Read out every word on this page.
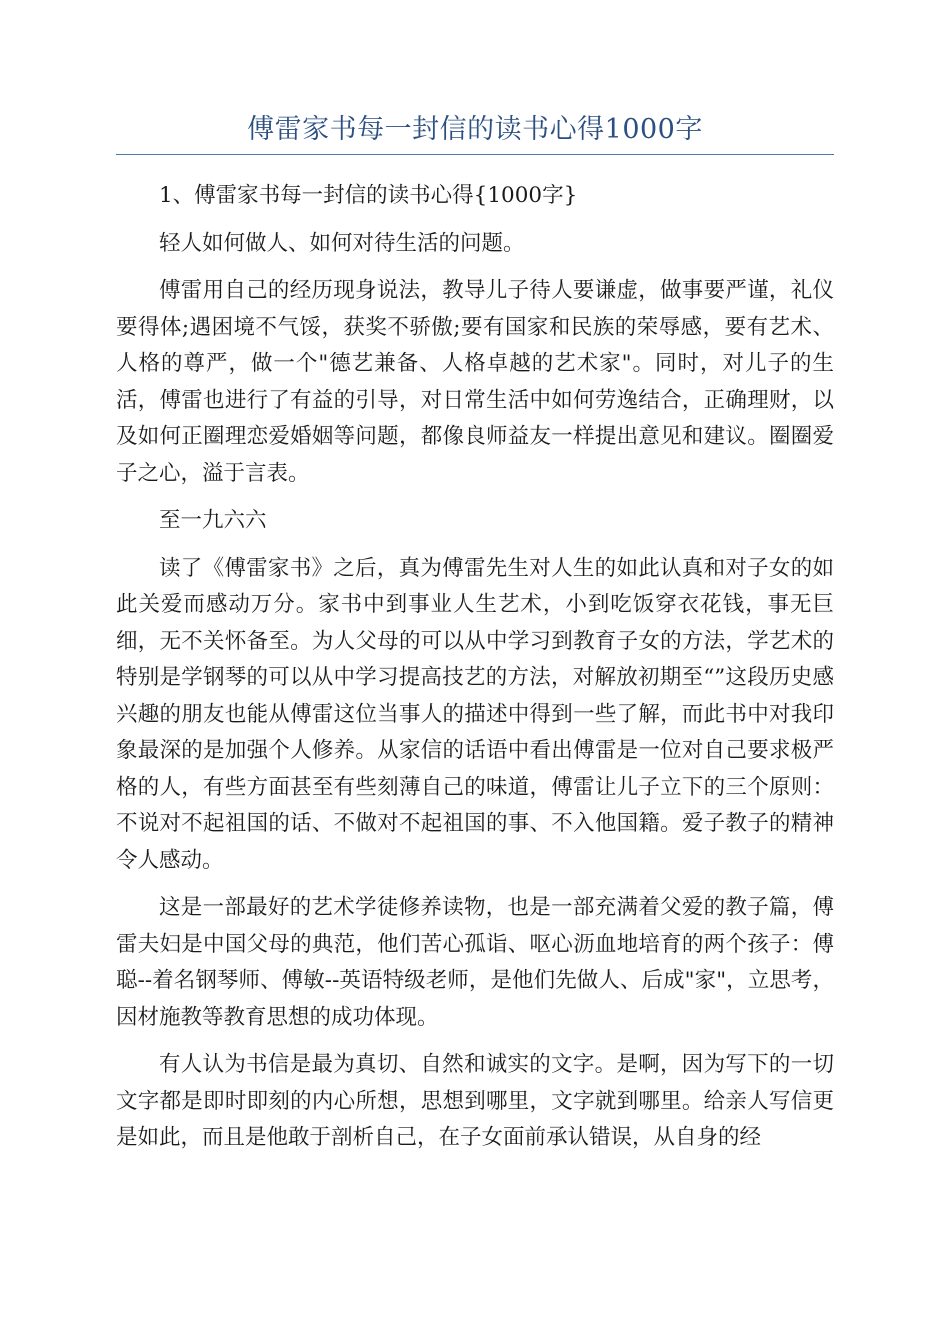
傅雷家书每一封信的读书心得1000字

1、傅雷家书每一封信的读书心得{1000字}

轻人如何做人、如何对待生活的问题。

傅雷用自己的经历现身说法，教导儿子待人要谦虚，做事要严谨，礼仪要得体;遇困境不气馁，获奖不骄傲;要有国家和民族的荣辱感，要有艺术、人格的尊严，做一个"德艺兼备、人格卓越的艺术家"。同时，对儿子的生活，傅雷也进行了有益的引导，对日常生活中如何劳逸结合，正确理财，以及如何正圈理恋爱婚姻等问题，都像良师益友一样提出意见和建议。圈圈爱子之心，溢于言表。

至一九六六

读了《傅雷家书》之后，真为傅雷先生对人生的如此认真和对子女的如此关爱而感动万分。家书中到事业人生艺术，小到吃饭穿衣花钱，事无巨细，无不关怀备至。为人父母的可以从中学习到教育子女的方法，学艺术的特别是学钢琴的可以从中学习提高技艺的方法，对解放初期至“”这段历史感兴趣的朋友也能从傅雷这位当事人的描述中得到一些了解，而此书中对我印象最深的是加强个人修养。从家信的话语中看出傅雷是一位对自己要求极严格的人，有些方面甚至有些刻薄自己的味道，傅雷让儿子立下的三个原则：不说对不起祖国的话、不做对不起祖国的事、不入他国籍。爱子教子的精神令人感动。

这是一部最好的艺术学徒修养读物，也是一部充满着父爱的教子篇，傅雷夫妇是中国父母的典范，他们苦心孤诣、呕心沥血地培育的两个孩子：傅聪--着名钢琴师、傅敏--英语特级老师，是他们先做人、后成"家"，立思考，因材施教等教育思想的成功体现。

有人认为书信是最为真切、自然和诚实的文字。是啊，因为写下的一切文字都是即时即刻的内心所想，思想到哪里，文字就到哪里。给亲人写信更是如此，而且是他敢于剖析自己，在子女面前承认错误，从自身的经
